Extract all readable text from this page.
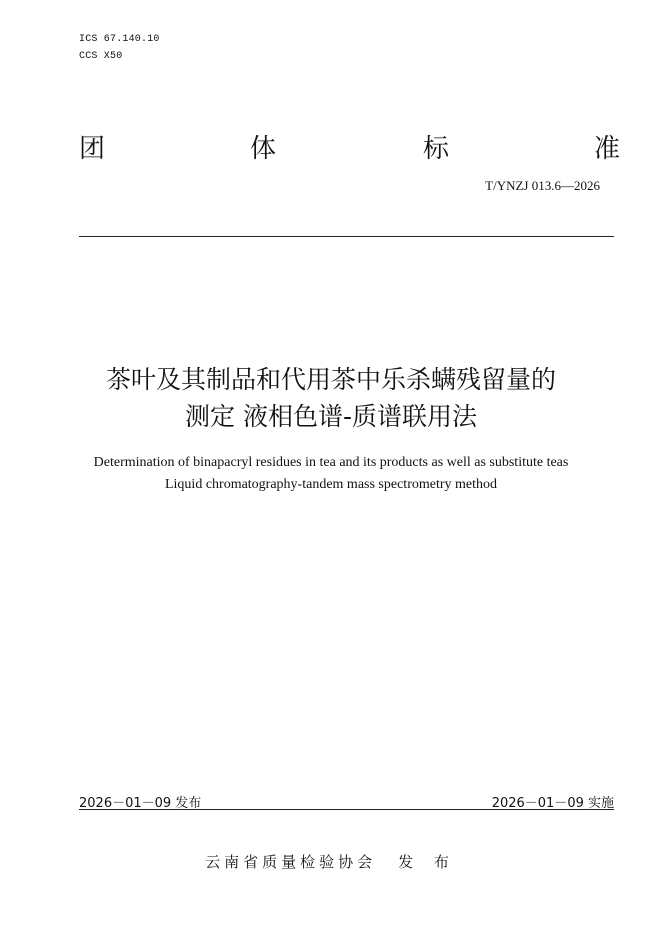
ICS 67.140.10
CCS X50
团	体	标	准
T/YNZJ 013.6—2026
茶叶及其制品和代用茶中乐杀螨残留量的
测定 液相色谱-质谱联用法
Determination of binapacryl residues in tea and its products as well as substitute teas
Liquid chromatography-tandem mass spectrometry method
2026－01－09 发布	2026－01－09 实施
云南省质量检验协会 发 布
